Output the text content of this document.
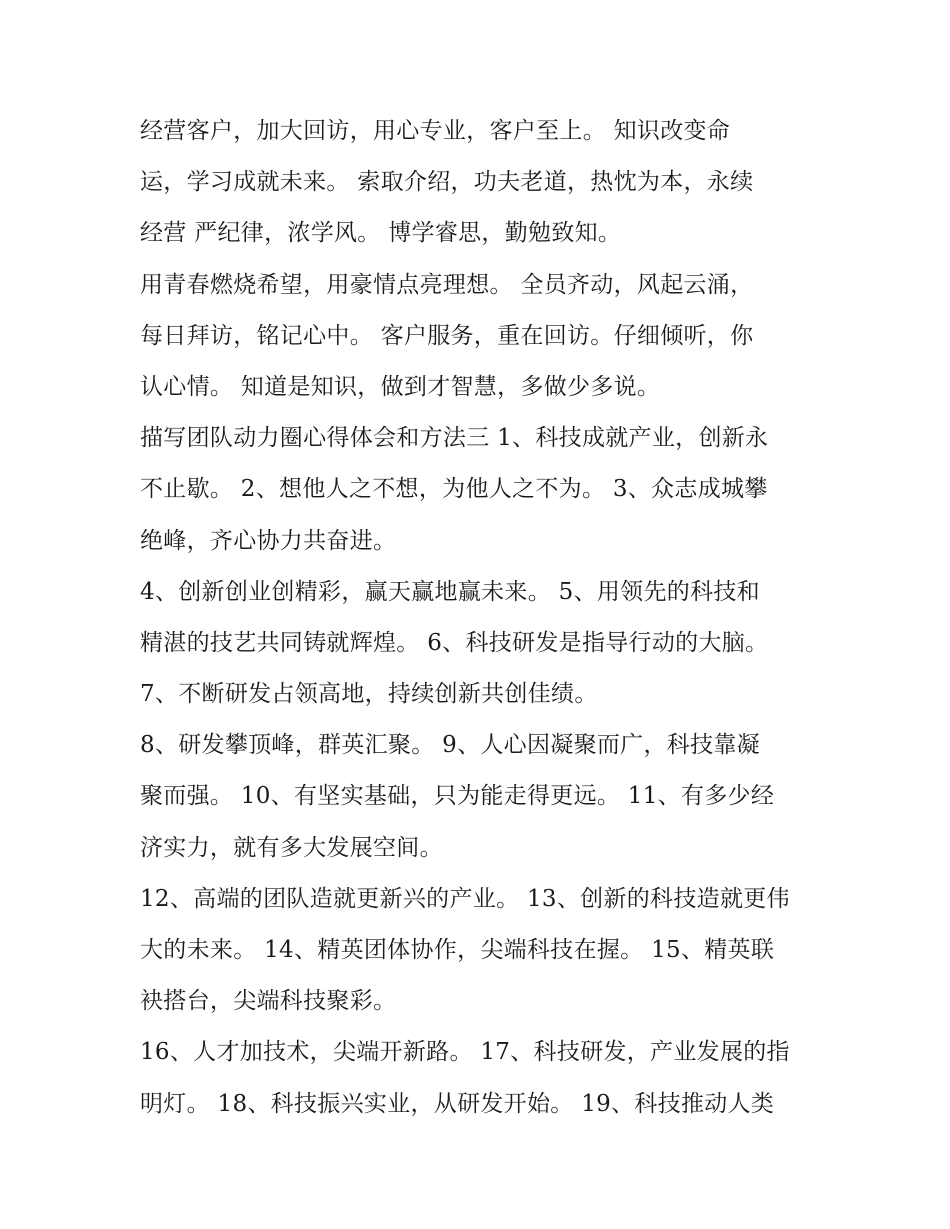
经营客户，加大回访，用心专业，客户至上。 知识改变命
运，学习成就未来。 索取介绍，功夫老道，热忱为本，永续
经营 严纪律，浓学风。 博学睿思，勤勉致知。
用青春燃烧希望，用豪情点亮理想。 全员齐动，风起云涌，
每日拜访，铭记心中。 客户服务，重在回访。仔细倾听，你
认心情。 知道是知识，做到才智慧，多做少多说。
描写团队动力圈心得体会和方法三 1、科技成就产业，创新永
不止歇。 2、想他人之不想，为他人之不为。 3、众志成城攀
绝峰，齐心协力共奋进。
4、创新创业创精彩，赢天赢地赢未来。 5、用领先的科技和
精湛的技艺共同铸就辉煌。 6、科技研发是指导行动的大脑。
7、不断研发占领高地，持续创新共创佳绩。
8、研发攀顶峰，群英汇聚。 9、人心因凝聚而广，科技靠凝
聚而强。 10、有坚实基础，只为能走得更远。 11、有多少经
济实力，就有多大发展空间。
12、高端的团队造就更新兴的产业。 13、创新的科技造就更伟
大的未来。 14、精英团体协作，尖端科技在握。 15、精英联
袂搭台，尖端科技聚彩。
16、人才加技术，尖端开新路。 17、科技研发，产业发展的指
明灯。 18、科技振兴实业，从研发开始。 19、科技推动人类
